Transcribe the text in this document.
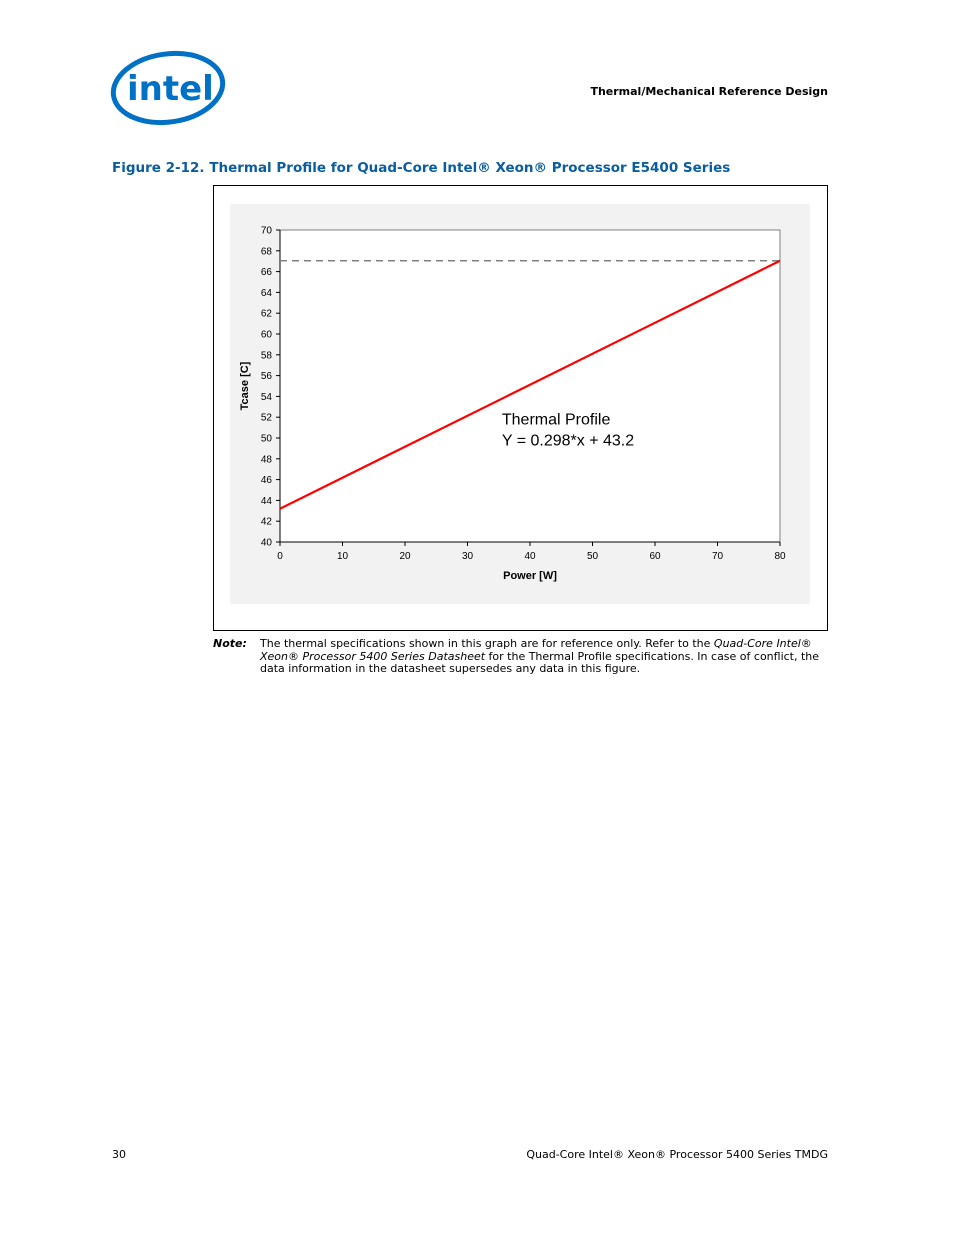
intel	Thermal/Mechanical Reference Design
Figure 2-12. Thermal Profile for Quad-Core Intel® Xeon® Processor E5400 Series
40
42
44
46
48
50
52
54
56
58
60
62
64
66
68
70
0	10	20	30	40	50	60	70	80
Power [W]
Tcase [C]
Thermal Profile
Y = 0.298*x + 43.2
Note: The thermal specifications shown in this graph are for reference only. Refer to the Quad-Core Intel® Xeon® Processor 5400 Series Datasheet for the Thermal Profile specifications. In case of conflict, the data information in the datasheet supersedes any data in this figure.
30	Quad-Core Intel® Xeon® Processor 5400 Series TMDG
